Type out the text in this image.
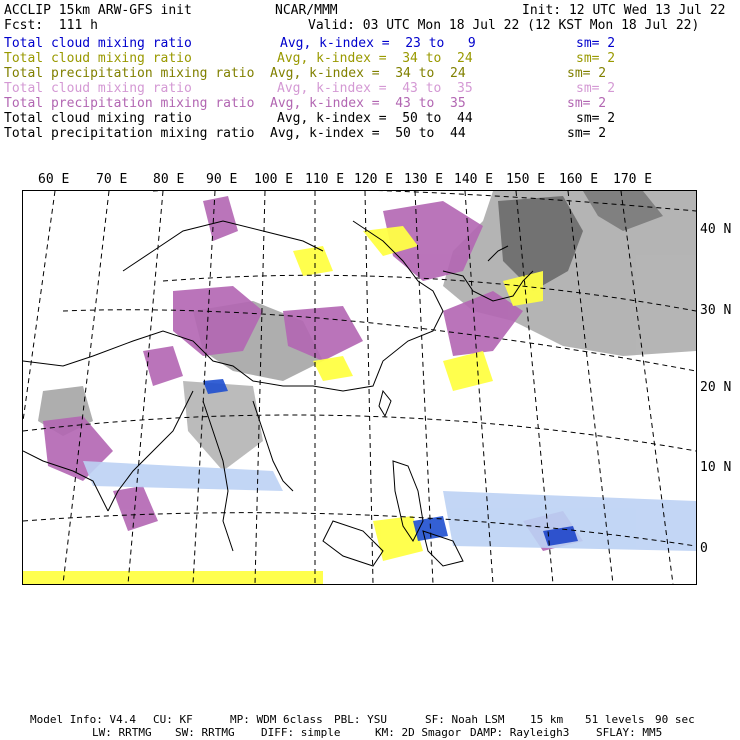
ACCLIP 15km ARW-GFS init	NCAR/MMM	Init: 12 UTC Wed 13 Jul 22
Fcst:  111 h	Valid: 03 UTC Mon 18 Jul 22 (12 KST Mon 18 Jul 22)
Total cloud mixing ratio	Avg, k-index =  23 to   9	sm= 2
Total cloud mixing ratio	Avg, k-index =  34 to  24	sm= 2
Total precipitation mixing ratio Avg, k-index =  34 to  24	sm= 2
Total cloud mixing ratio	Avg, k-index =  43 to  35	sm= 2
Total precipitation mixing ratio Avg, k-index =  43 to  35	sm= 2
Total cloud mixing ratio	Avg, k-index =  50 to  44	sm= 2
Total precipitation mixing ratio Avg, k-index =  50 to  44	sm= 2
60 E 70 E 80 E 90 E 100 E 110 E 120 E 130 E 140 E 150 E 160 E 170 E
40 N
30 N
20 N
10 N
0
Model Info: V4.4 CU: KF	MP: WDM 6class PBL: YSU	SF: Noah LSM 15 km 51 levels 90 sec
LW: RRTMG SW: RRTMG DIFF: simple	KM: 2D Smagor DAMP: Rayleigh3 SFLAY: MM5
